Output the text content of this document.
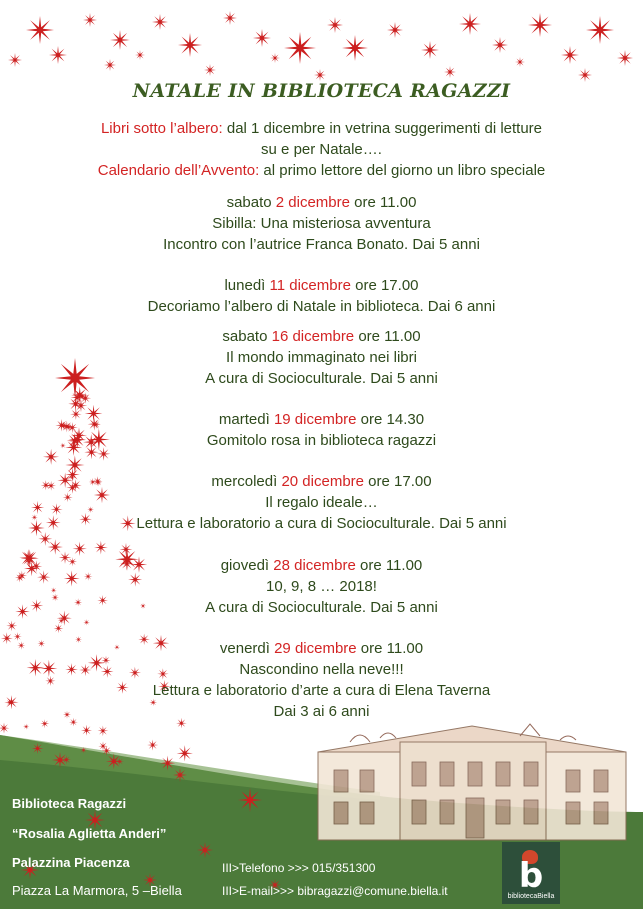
NATALE IN BIBLIOTECA RAGAZZI
Libri sotto l’albero: dal 1 dicembre in vetrina suggerimenti di letture
su e per Natale….
Calendario dell’Avvento: al primo lettore del giorno un libro speciale
sabato 2 dicembre ore 11.00
Sibilla: Una misteriosa avventura
Incontro con l’autrice Franca Bonato. Dai 5 anni
lunedì 11 dicembre ore 17.00
Decoriamo l’albero di Natale in biblioteca. Dai 6 anni
sabato 16 dicembre ore 11.00
Il mondo immaginato nei libri
A cura di Socioculturale. Dai 5 anni
martedì 19 dicembre ore 14.30
Gomitolo rosa in biblioteca ragazzi
mercoledì 20 dicembre ore 17.00
Il regalo ideale…
Lettura e laboratorio a cura di Socioculturale. Dai 5 anni
giovedì 28 dicembre ore 11.00
10, 9, 8 … 2018!
A cura di Socioculturale. Dai 5 anni
venerdì 29 dicembre ore 11.00
Nascondino nella neve!!!
Lettura e laboratorio d’arte a cura di Elena Taverna
Dai 3 ai 6 anni
Biblioteca Ragazzi
“Rosalia Aglietta Anderi”
Palazzina Piacenza
Piazza La Marmora, 5 –Biella
III>Telefono >>> 015/351300
III>E-mail>>> bibragazzi@comune.biella.it	b
bibliotecaBiella
